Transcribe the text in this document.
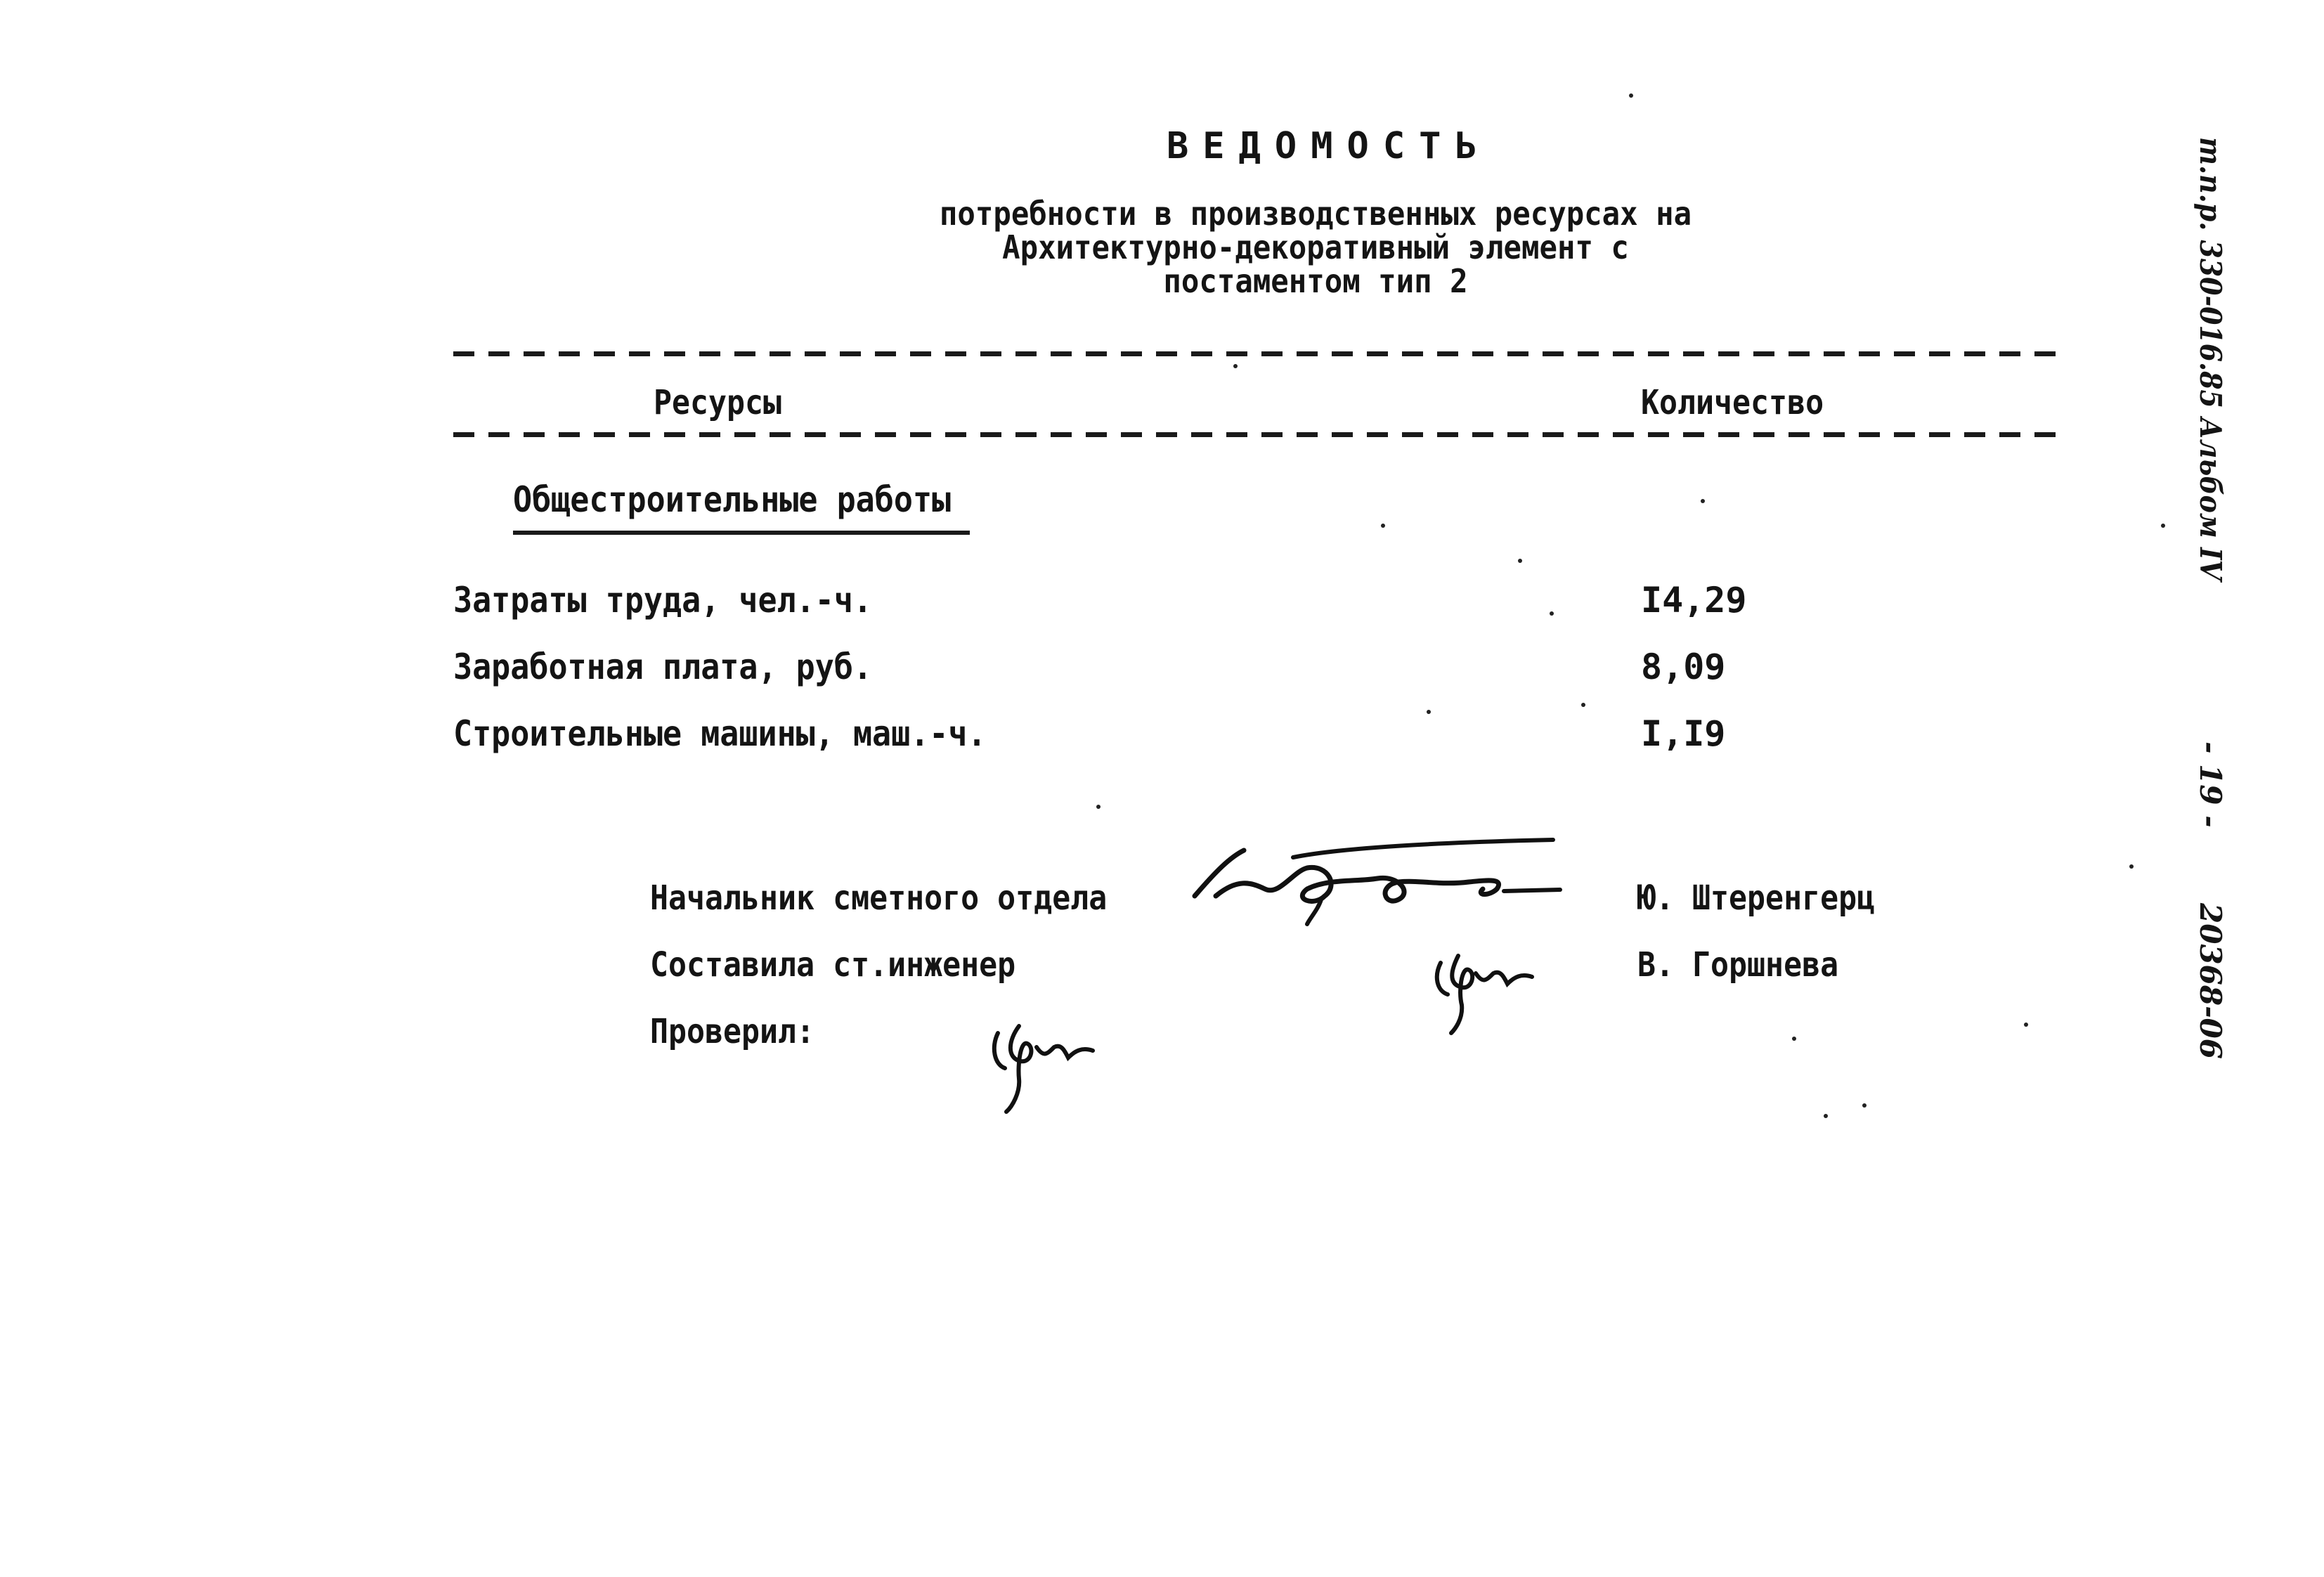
ВЕДОМОСТЬ
потребности в производственных ресурсах на
Архитектурно-декоративный элемент с
постаментом тип 2
Ресурсы	Количество
Общестроительные работы
Затраты труда, чел.-ч.	I4,29
Заработная плата, руб.	8,09
Строительные машины, маш.-ч.	I,I9
Начальник сметного отдела	Ю. Штеренгерц
Составила ст.инженер	В. Горшнева
Проверил:
т.п.р. 330-016.85 Альбом IV
- 19 -
20368-06
